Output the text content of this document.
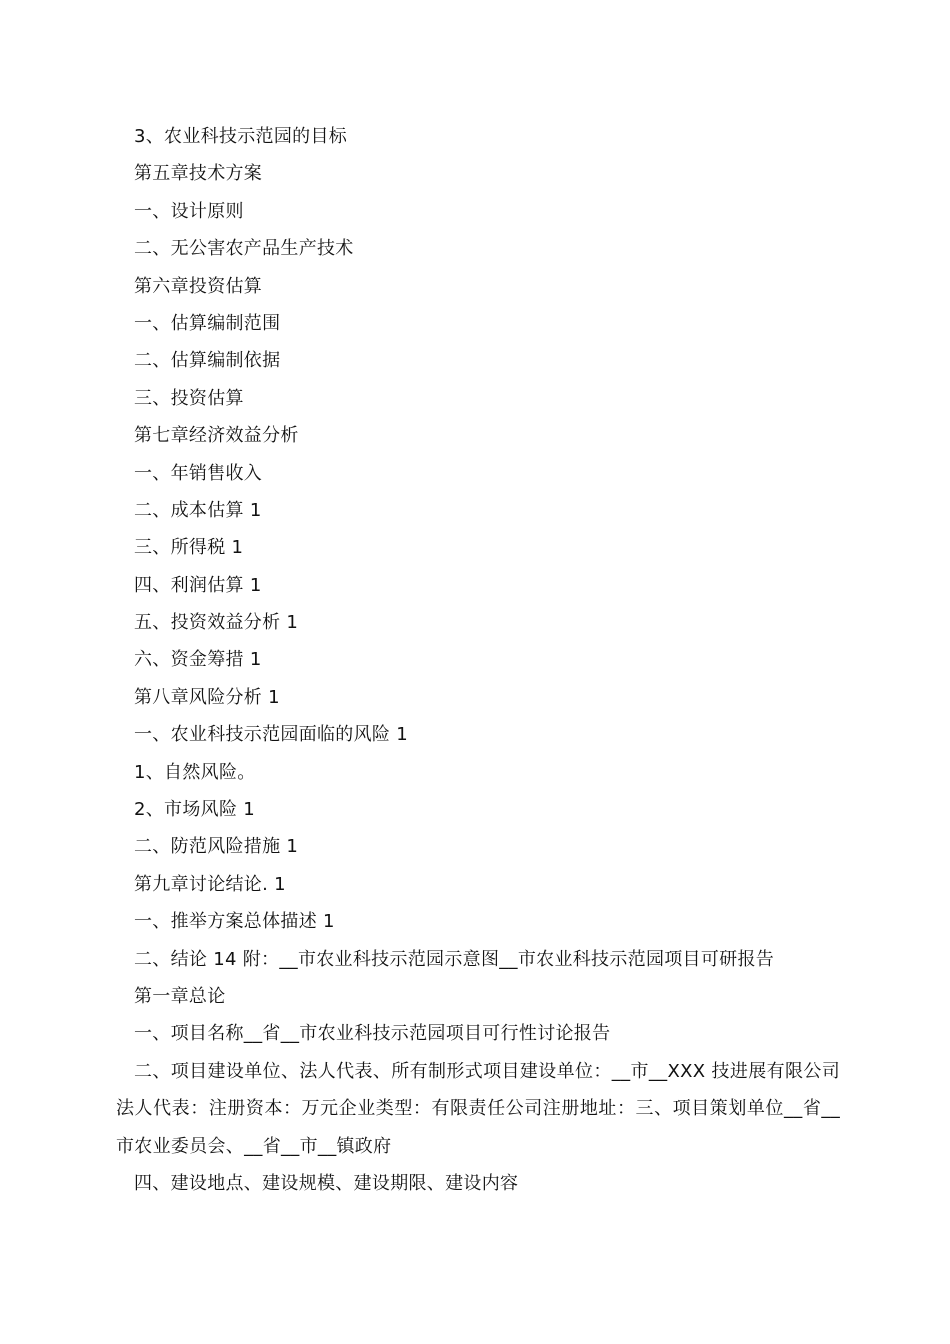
3、农业科技示范园的目标
第五章技术方案
一、设计原则
二、无公害农产品生产技术
第六章投资估算
一、估算编制范围
二、估算编制依据
三、投资估算
第七章经济效益分析
一、年销售收入
二、成本估算 1
三、所得税 1
四、利润估算 1
五、投资效益分析 1
六、资金筹措 1
第八章风险分析 1
一、农业科技示范园面临的风险 1
1、自然风险。
2、市场风险 1
二、防范风险措施 1
第九章讨论结论. 1
一、推举方案总体描述 1
二、结论 14 附：__市农业科技示范园示意图__市农业科技示范园项目可研报告
第一章总论
一、项目名称__省__市农业科技示范园项目可行性讨论报告

二、项目建设单位、法人代表、所有制形式项目建设单位：__市__XXX 技进展有限公司法人代表：注册资本：万元企业类型：有限责任公司注册地址：三、项目策划单位__省__市农业委员会、__省__市__镇政府

四、建设地点、建设规模、建设期限、建设内容
